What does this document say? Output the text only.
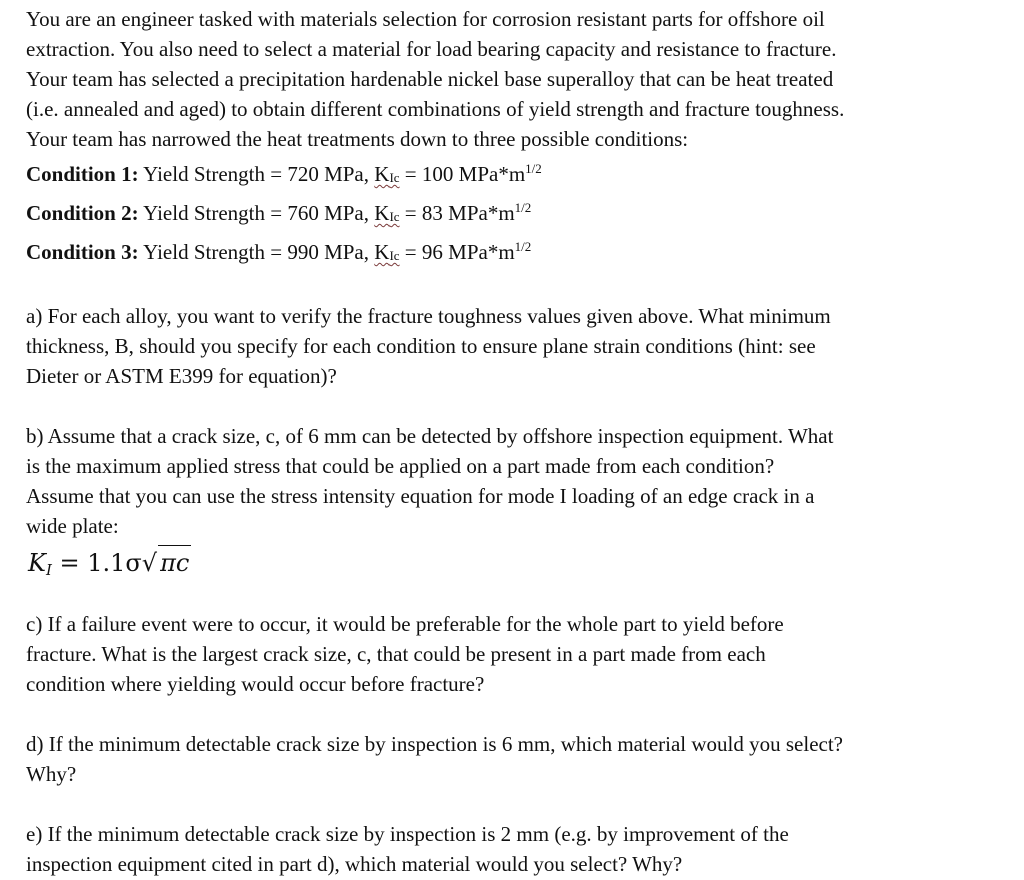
You are an engineer tasked with materials selection for corrosion resistant parts for offshore oil

extraction. You also need to select a material for load bearing capacity and resistance to fracture.

Your team has selected a precipitation hardenable nickel base superalloy that can be heat treated

(i.e. annealed and aged) to obtain different combinations of yield strength and fracture toughness.

Your team has narrowed the heat treatments down to three possible conditions:

Condition 1: Yield Strength = 720 MPa, KIc = 100 $MPa*m^{1/2}$

Condition 2: Yield Strength = 760 MPa, KIc = 83 $MPa*m^{1/2}$

Condition 3: Yield Strength = 990 MPa, KIc = 96 $MPa*m^{1/2}$

a) For each alloy, you want to verify the fracture toughness values given above. What minimum

thickness, B, should you specify for each condition to ensure plane strain conditions (hint: see

Dieter or ASTM E399 for equation)?

b) Assume that a crack size, c, of 6 mm can be detected by offshore inspection equipment. What

is the maximum applied stress that could be applied on a part made from each condition?

Assume that you can use the stress intensity equation for mode I loading of an edge crack in a

wide plate:

$K_I = 1.1\sigma√$ πc

c) If a failure event were to occur, it would be preferable for the whole part to yield before

fracture. What is the largest crack size, c, that could be present in a part made from each

condition where yielding would occur before fracture?

d) If the minimum detectable crack size by inspection is 6 mm, which material would you select?

Why?

e) If the minimum detectable crack size by inspection is 2 mm (e.g. by improvement of the

inspection equipment cited in part d), which material would you select? Why?
